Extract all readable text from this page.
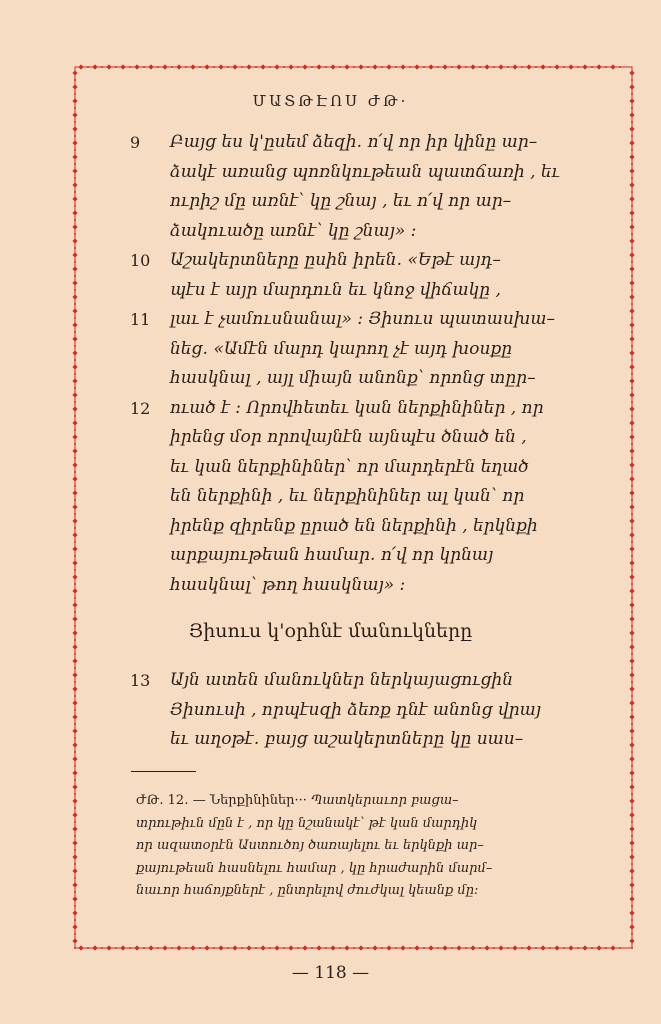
ՄԱՏԹԷՈՍ ԺԹ·
9	Բայց ես կ'ըսեմ ձեզի․ ո՛վ որ իր կինը ար–
ձակէ առանց պոռնկութեան պատճառի , եւ
ուրիշ մը առնէ՝ կը շնայ , եւ ո՛վ որ ար–
ձակուածը առնէ՝ կը շնայ» ։
10	Աշակերտները ըսին իրեն․ «Եթէ այդ–
պէս է այր մարդուն եւ կնոջ վիճակը ,
11	լաւ է չամուսնանալ» ։ Յիսուս պատասխա–
նեց․ «Ամէն մարդ կարող չէ այդ խօսքը
հասկնալ , այլ միայն անոնք՝ որոնց տըր–
12	ուած է ։ Որովհետեւ կան ներքինիներ , որ
իրենց մօր որովայնէն այնպէս ծնած են ,
եւ կան ներքինիներ՝ որ մարդերէն եղած
են ներքինի , եւ ներքինիներ ալ կան՝ որ
իրենք զիրենք ըրած են ներքինի , երկնքի
արքայութեան համար․ ո՛վ որ կրնայ
հասկնալ՝ թող հասկնայ» ։
Յիսուս կ'օրհնէ մանուկները
13	Այն ատեն մանուկներ ներկայացուցին
Յիսուսի , որպէսզի ձեռք դնէ անոնց վրայ
եւ աղօթէ․ բայց աշակերտները կը սաս–
ԺԹ․ 12․ — Ներքինիներ··· Պատկերաւոր բացա–
տրութիւն մըն է , որ կը նշանակէ՝ թէ կան մարդիկ
որ ազատօրէն Աստուծոյ ծառայելու եւ երկնքի ար–
քայութեան հասնելու համար , կը հրաժարին մարմ–
նաւոր հաճոյքներէ , ընտրելով ժուժկալ կեանք մը։
— 118 —
